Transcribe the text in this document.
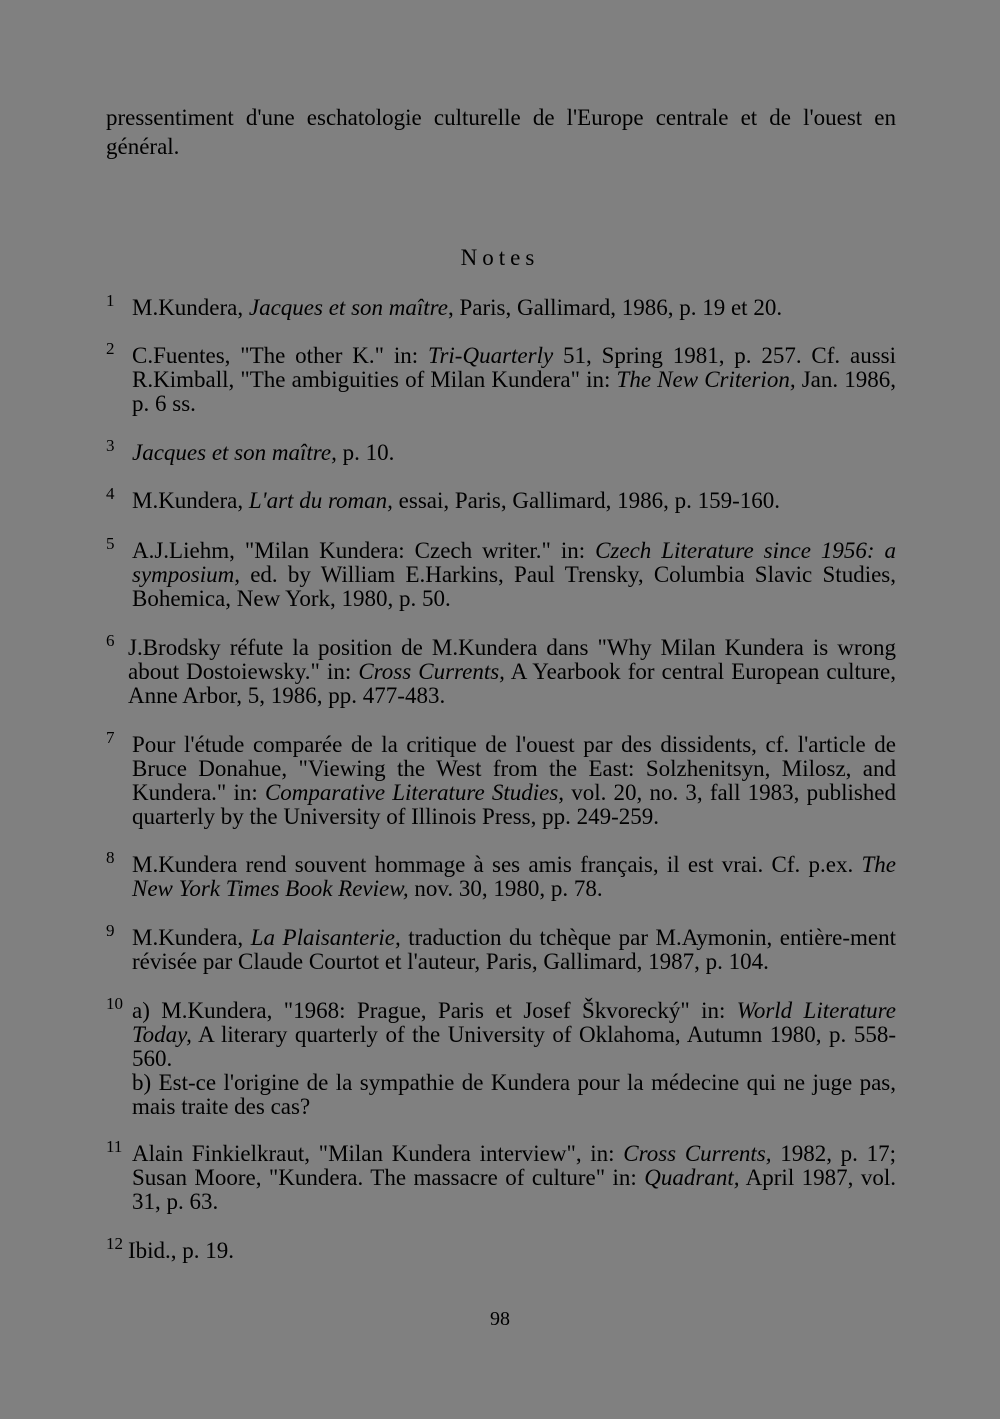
pressentiment d'une eschatologie culturelle de l'Europe centrale et de l'ouest en général.

Notes
1 M.Kundera, Jacques et son maître, Paris, Gallimard, 1986, p. 19 et 20.
2 C.Fuentes, "The other K." in: Tri-Quarterly 51, Spring 1981, p. 257. Cf. aussi R.Kimball, "The ambiguities of Milan Kundera" in: The New Criterion, Jan. 1986, p. 6 ss.
3 Jacques et son maître, p. 10.
4 M.Kundera, L'art du roman, essai, Paris, Gallimard, 1986, p. 159-160.
5 A.J.Liehm, "Milan Kundera: Czech writer." in: Czech Literature since 1956: a symposium, ed. by William E.Harkins, Paul Trensky, Columbia Slavic Studies, Bohemica, New York, 1980, p. 50.
6 J.Brodsky réfute la position de M.Kundera dans "Why Milan Kundera is wrong about Dostoiewsky." in: Cross Currents, A Yearbook for central European culture, Anne Arbor, 5, 1986, pp. 477-483.
7 Pour l'étude comparée de la critique de l'ouest par des dissidents, cf. l'article de Bruce Donahue, "Viewing the West from the East: Solzhenitsyn, Milosz, and Kundera." in: Comparative Literature Studies, vol. 20, no. 3, fall 1983, published quarterly by the University of Illinois Press, pp. 249-259.
8 M.Kundera rend souvent hommage à ses amis français, il est vrai. Cf. p.ex. The New York Times Book Review, nov. 30, 1980, p. 78.
9 M.Kundera, La Plaisanterie, traduction du tchèque par M.Aymonin, entière-ment révisée par Claude Courtot et l'auteur, Paris, Gallimard, 1987, p. 104.
10 a) M.Kundera, "1968: Prague, Paris et Josef Škvorecký" in: World Literature Today, A literary quarterly of the University of Oklahoma, Autumn 1980, p. 558-560.

b) Est-ce l'origine de la sympathie de Kundera pour la médecine qui ne juge pas, mais traite des cas?

11 Alain Finkielkraut, "Milan Kundera interview", in: Cross Currents, 1982, p. 17; Susan Moore, "Kundera. The massacre of culture" in: Quadrant, April 1987, vol. 31, p. 63.
12 Ibid., p. 19.

98
